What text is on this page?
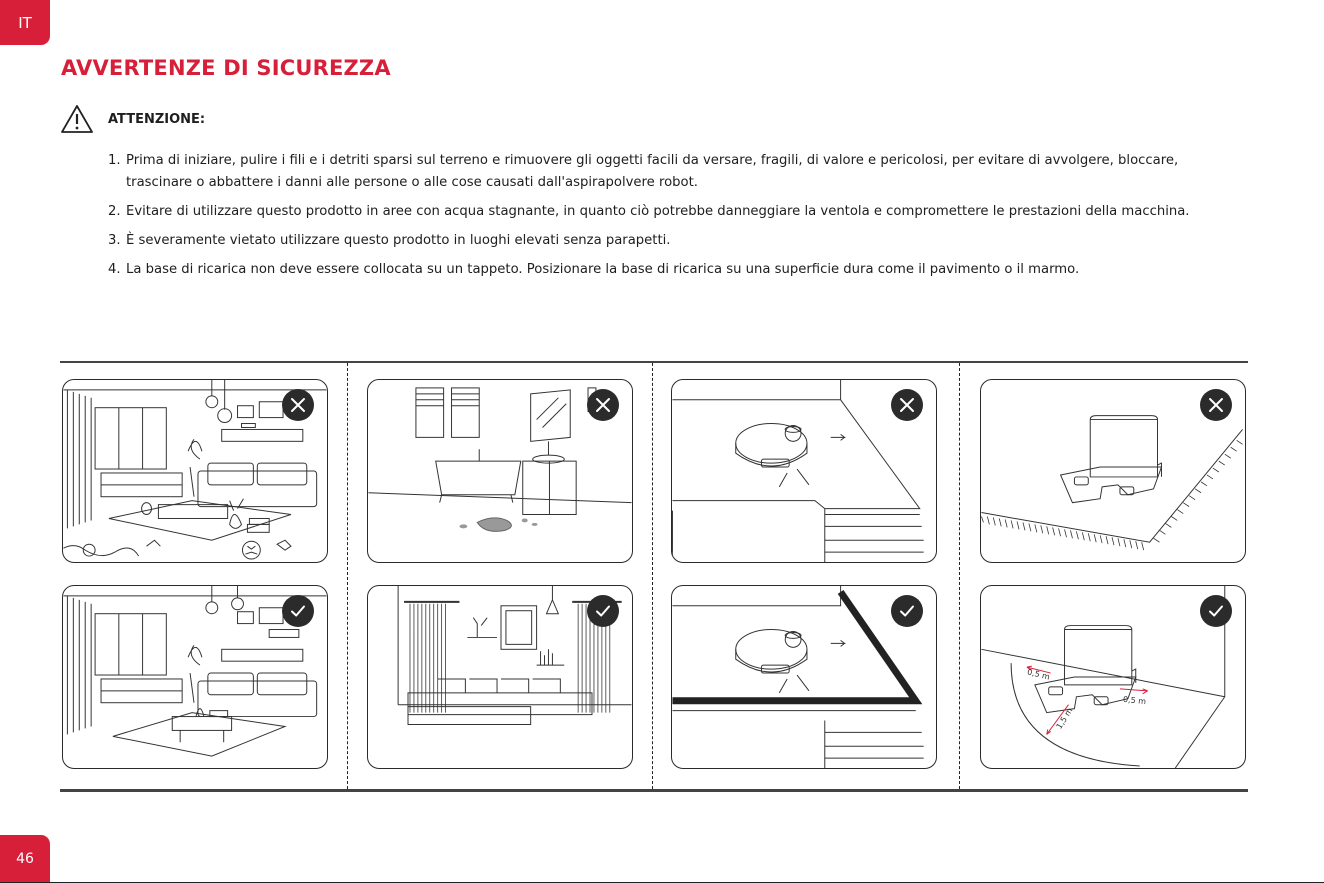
IT
AVVERTENZE DI SICUREZZA
ATTENZIONE:
1. Prima di iniziare, pulire i fili e i detriti sparsi sul terreno e rimuovere gli oggetti facili da versare, fragili, di valore e pericolosi, per evitare di avvolgere, bloccare, trascinare o abbattere i danni alle persone o alle cose causati dall'aspirapolvere robot.
2. Evitare di utilizzare questo prodotto in aree con acqua stagnante, in quanto ciò potrebbe danneggiare la ventola e compromettere le prestazioni della macchina.
3. È severamente vietato utilizzare questo prodotto in luoghi elevati senza parapetti.
4. La base di ricarica non deve essere collocata su un tappeto. Posizionare la base di ricarica su una superficie dura come il pavimento o il marmo.
0,5 m
0,5 m
1,5 m
46
